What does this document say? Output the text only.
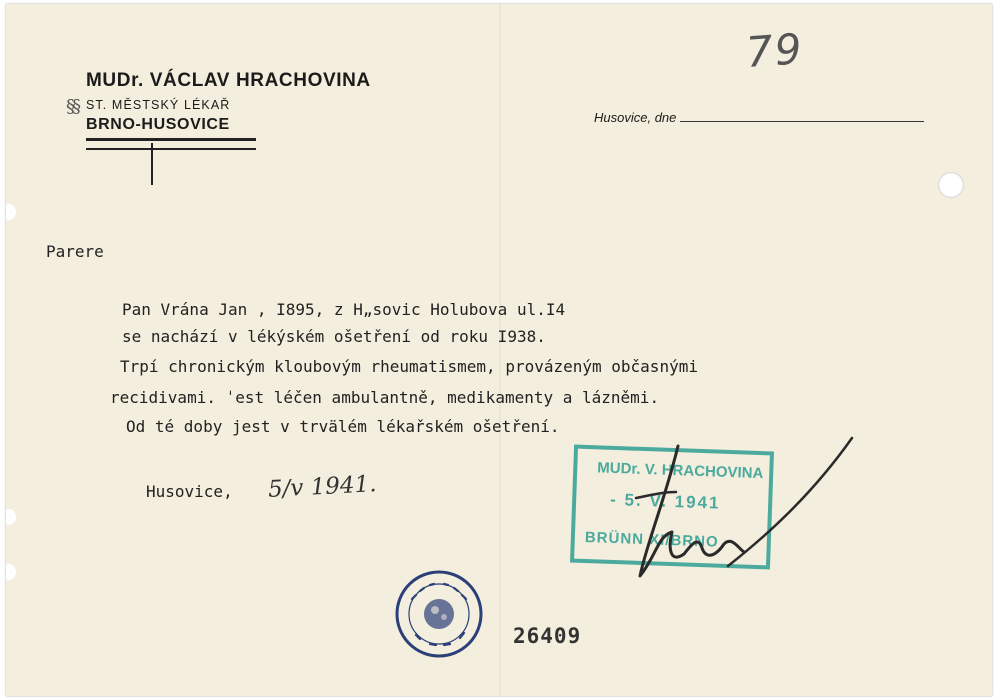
79
MUDr. VÁCLAV HRACHOVINA
§§ ST. MĚSTSKÝ LÉKAŘ
BRNO-HUSOVICE	Husovice, dne
Parere
Pan Vrána Jan , I895, z H„sovic Holubova ul.I4
se nachází v lékýském ošetření od roku I938.
Trpí chronickým kloubovým rheumatismem, provázeným občasnými
recidivami. ˈest léčen ambulantně, medikamenty a lázněmi.
Od té doby jest v trvälém lékařském ošetření.
Husovice, 5/v 1941.
MUDr. V. HRACHOVINA
- 5. V. 1941
BRÜNN XI/BRNO
26409
